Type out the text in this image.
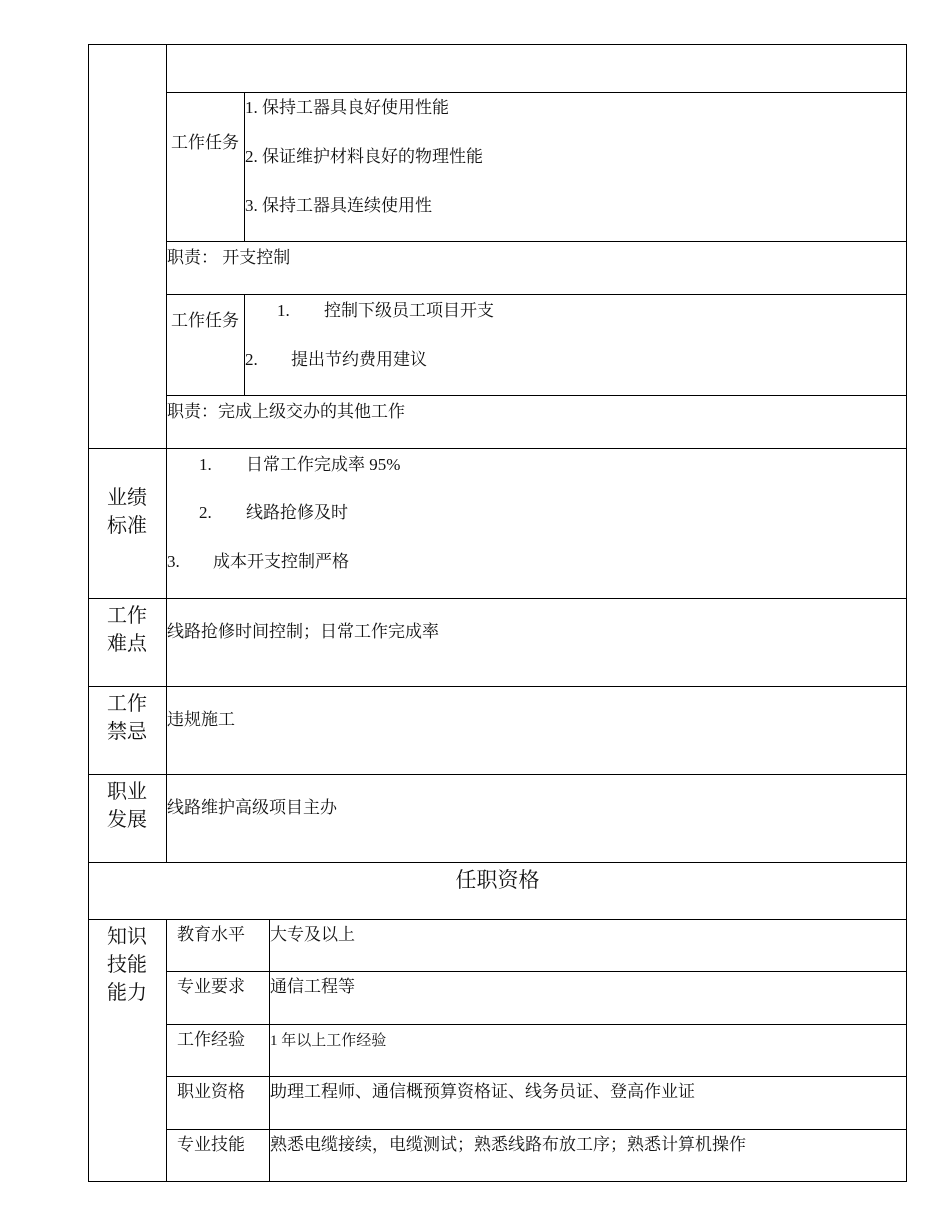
工作任务
1. 保持工器具良好使用性能
2. 保证维护材料良好的物理性能
3. 保持工器具连续使用性
职责： 开支控制
工作任务
1. 控制下级员工项目开支
2. 提出节约费用建议
职责：完成上级交办的其他工作
业绩标准
1. 日常工作完成率 95%
2. 线路抢修及时
3. 成本开支控制严格
工作难点
线路抢修时间控制；日常工作完成率
工作禁忌
违规施工
职业发展
线路维护高级项目主办
任职资格
知识技能能力
教育水平 大专及以上
专业要求 通信工程等
工作经验 1 年以上工作经验
职业资格 助理工程师、通信概预算资格证、线务员证、登高作业证
专业技能 熟悉电缆接续，电缆测试；熟悉线路布放工序；熟悉计算机操作
